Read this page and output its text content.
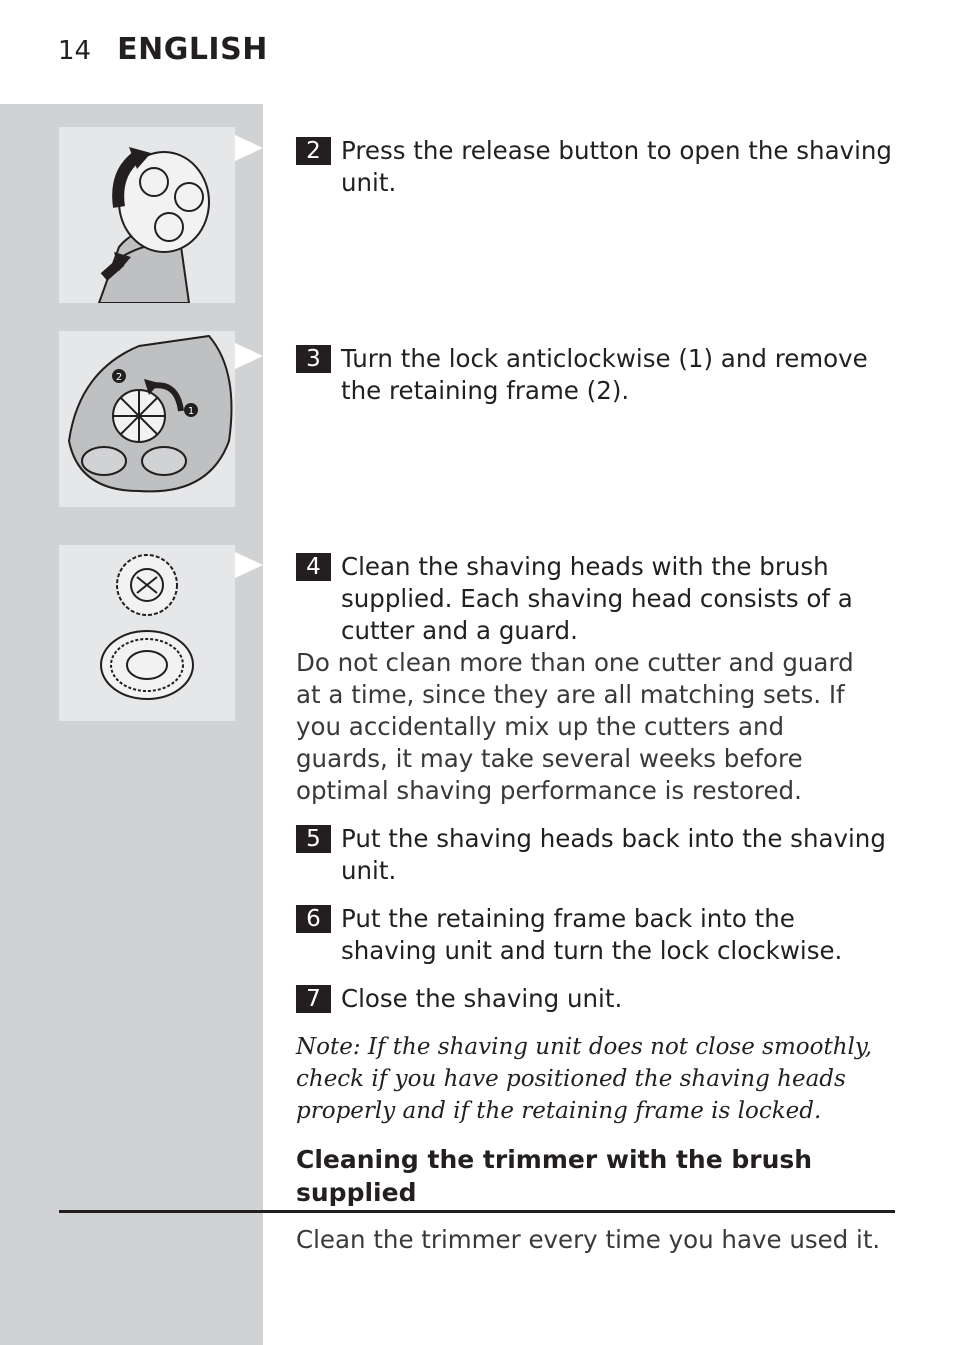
14 ENGLISH
2
1
2 Press the release button to open the shaving unit.
3 Turn the lock anticlockwise (1) and remove the retaining frame (2).
4 Clean the shaving heads with the brush supplied. Each shaving head consists of a cutter and a guard.
Do not clean more than one cutter and guard at a time, since they are all matching sets. If you accidentally mix up the cutters and guards, it may take several weeks before optimal shaving performance is restored.
5 Put the shaving heads back into the shaving unit.
6 Put the retaining frame back into the shaving unit and turn the lock clockwise.
7 Close the shaving unit.
Note: If the shaving unit does not close smoothly, check if you have positioned the shaving heads properly and if the retaining frame is locked.
Cleaning the trimmer with the brush supplied
Clean the trimmer every time you have used it.
